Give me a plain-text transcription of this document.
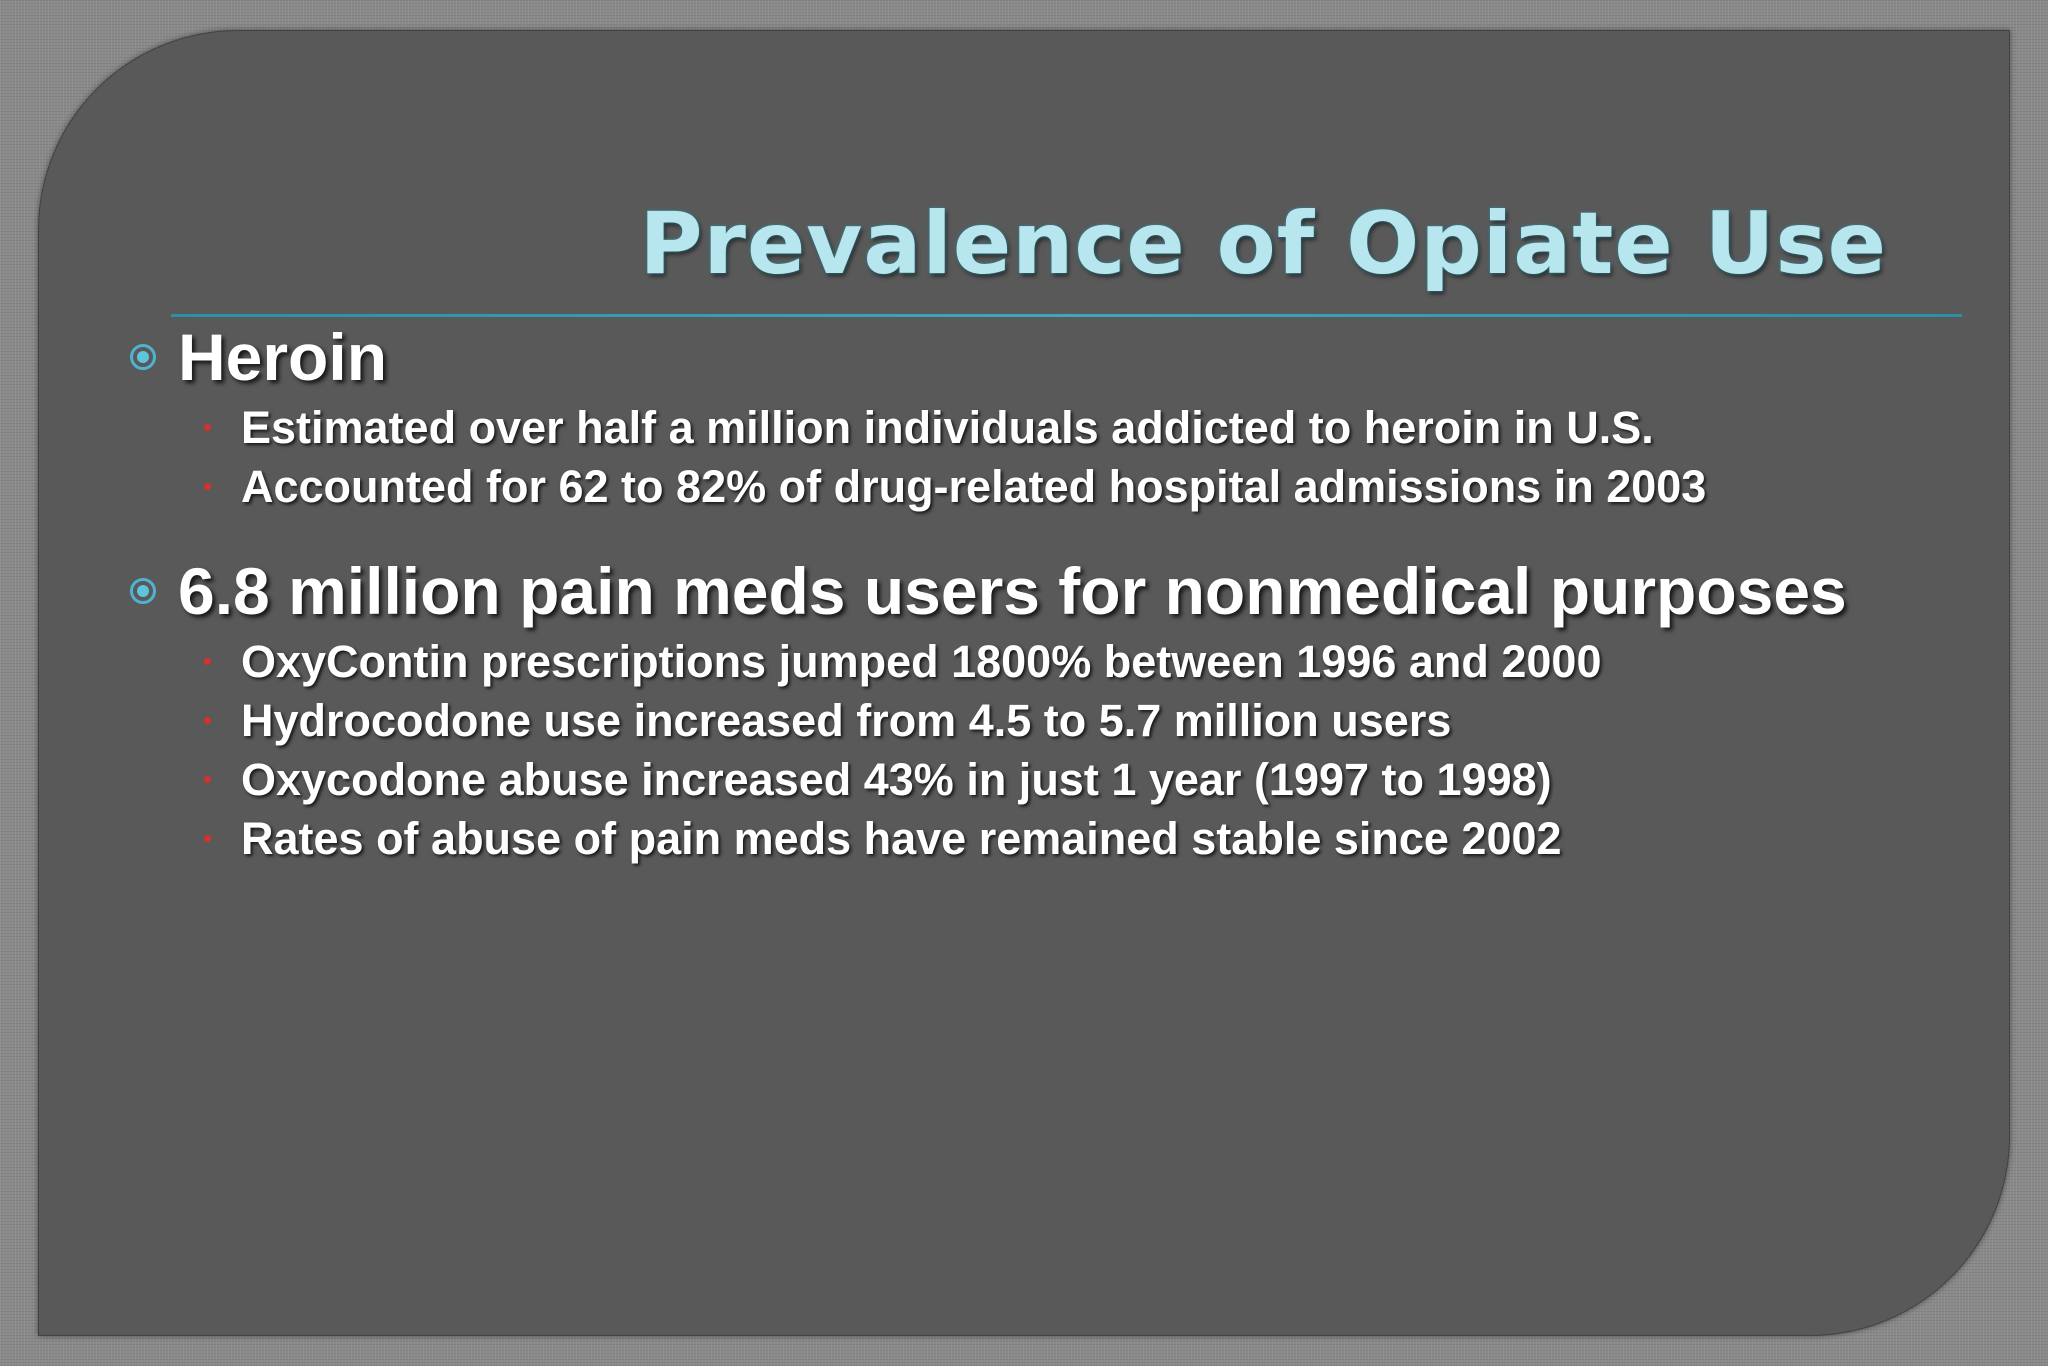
Prevalence of Opiate Use
Heroin
Estimated over half a million individuals addicted to heroin in U.S.
Accounted for 62 to 82% of drug-related hospital admissions in 2003
6.8 million pain meds users for nonmedical purposes
OxyContin prescriptions jumped 1800% between 1996 and 2000
Hydrocodone use increased from 4.5 to 5.7 million users
Oxycodone abuse increased 43% in just 1 year (1997 to 1998)
Rates of abuse of pain meds have remained stable since 2002
